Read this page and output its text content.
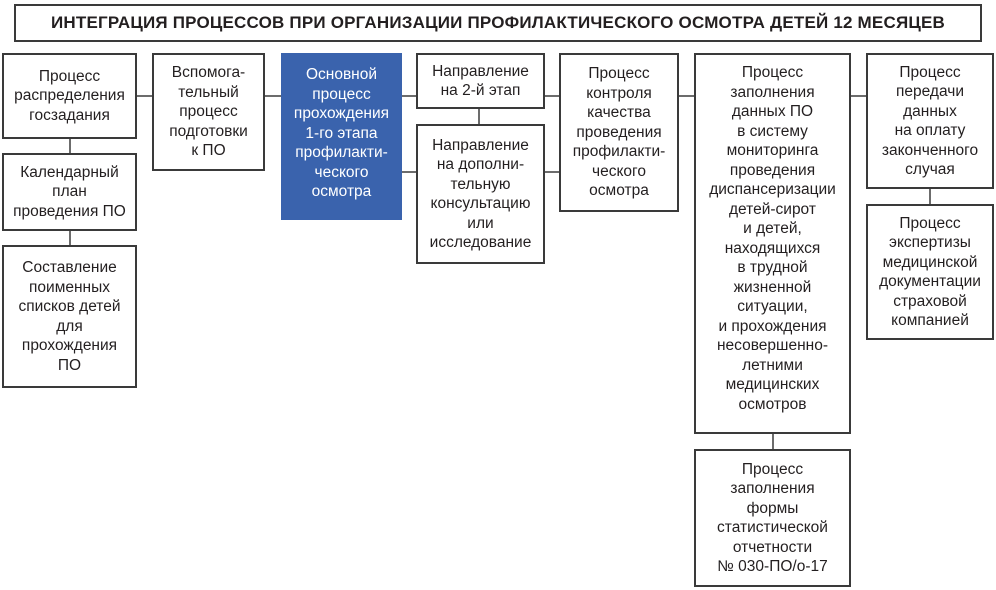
ИНТЕГРАЦИЯ ПРОЦЕССОВ ПРИ ОРГАНИЗАЦИИ ПРОФИЛАКТИЧЕСКОГО ОСМОТРА ДЕТЕЙ 12 МЕСЯЦЕВ
Процесс
распределения
госзадания
Календарный
план
проведения ПО
Составление
поименных
списков детей
для
прохождения
ПО
Вспомога-
тельный
процесс
подготовки
к ПО
Основной
процесс
прохождения
1-го этапа
профилакти-
ческого
осмотра
Направление
на 2-й этап
Направление
на дополни-
тельную
консультацию
или
исследование
Процесс
контроля
качества
проведения
профилакти-
ческого
осмотра
Процесс
заполнения
данных ПО
в систему
мониторинга
проведения
диспансеризации
детей-сирот
и детей,
находящихся
в трудной
жизненной
ситуации,
и прохождения
несовершенно-
летними
медицинских
осмотров
Процесс
заполнения
формы
статистической
отчетности
№ 030-ПО/о-17
Процесс
передачи
данных
на оплату
законченного
случая
Процесс
экспертизы
медицинской
документации
страховой
компанией
